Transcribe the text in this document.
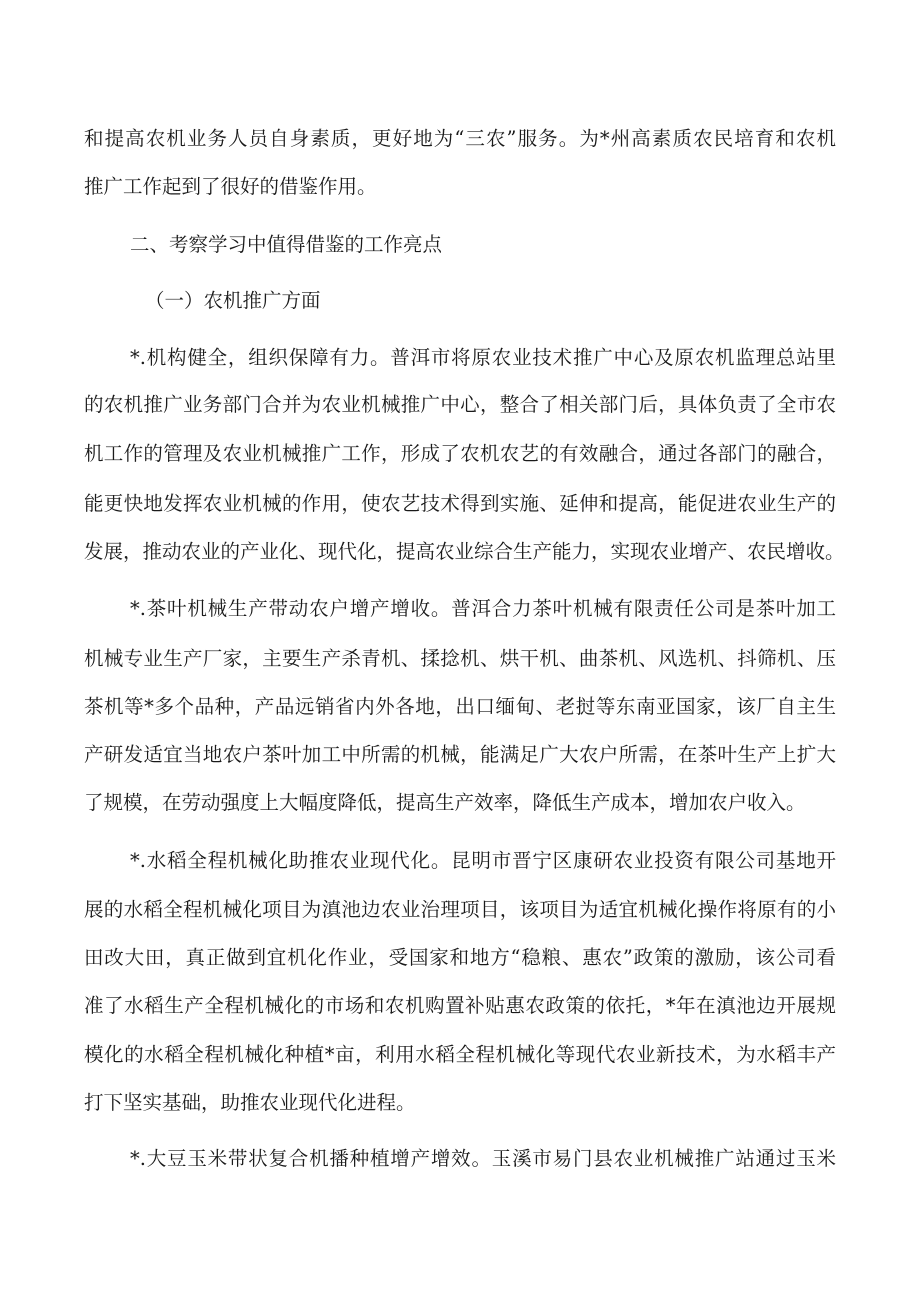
和提高农机业务人员自身素质，更好地为“三农”服务。为*州高素质农民培育和农机
推广工作起到了很好的借鉴作用。
二、考察学习中值得借鉴的工作亮点
（一）农机推广方面
*.机构健全，组织保障有力。普洱市将原农业技术推广中心及原农机监理总站里
的农机推广业务部门合并为农业机械推广中心，整合了相关部门后，具体负责了全市农
机工作的管理及农业机械推广工作，形成了农机农艺的有效融合，通过各部门的融合，
能更快地发挥农业机械的作用，使农艺技术得到实施、延伸和提高，能促进农业生产的
发展，推动农业的产业化、现代化，提高农业综合生产能力，实现农业增产、农民增收。
*.茶叶机械生产带动农户增产增收。普洱合力茶叶机械有限责任公司是茶叶加工
机械专业生产厂家，主要生产杀青机、揉捻机、烘干机、曲茶机、风选机、抖筛机、压
茶机等*多个品种，产品远销省内外各地，出口缅甸、老挝等东南亚国家，该厂自主生
产研发适宜当地农户茶叶加工中所需的机械，能满足广大农户所需，在茶叶生产上扩大
了规模，在劳动强度上大幅度降低，提高生产效率，降低生产成本，增加农户收入。
*.水稻全程机械化助推农业现代化。昆明市晋宁区康研农业投资有限公司基地开
展的水稻全程机械化项目为滇池边农业治理项目，该项目为适宜机械化操作将原有的小
田改大田，真正做到宜机化作业，受国家和地方“稳粮、惠农”政策的激励，该公司看
准了水稻生产全程机械化的市场和农机购置补贴惠农政策的依托，*年在滇池边开展规
模化的水稻全程机械化种植*亩，利用水稻全程机械化等现代农业新技术，为水稻丰产
打下坚实基础，助推农业现代化进程。
*.大豆玉米带状复合机播种植增产增效。玉溪市易门县农业机械推广站通过玉米
